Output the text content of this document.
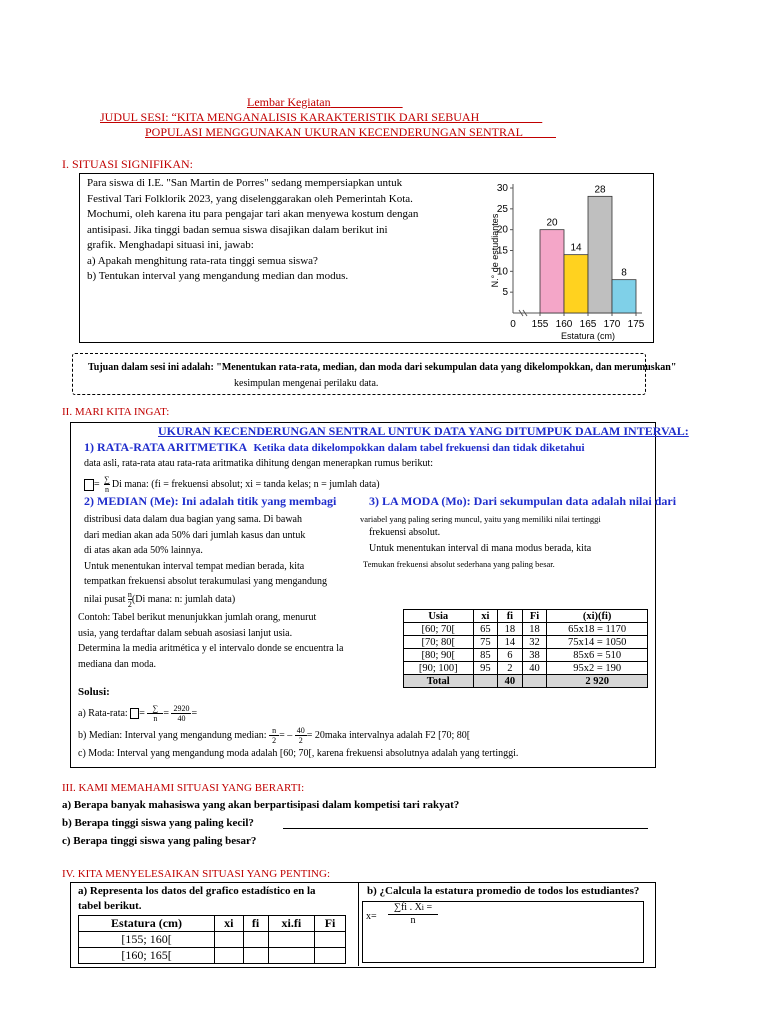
Lembar Kegiatan
JUDUL SESI: “KITA MENGANALISIS KARAKTERISTIK DARI SEBUAH
POPULASI MENGGUNAKAN UKURAN KECENDERUNGAN SENTRAL
I. SITUASI SIGNIFIKAN:
Para siswa di I.E. "San Martin de Porres" sedang mempersiapkan untuk
Festival Tari Folklorik 2023, yang diselenggarakan oleh Pemerintah Kota.
Mochumi, oleh karena itu para pengajar tari akan menyewa kostum dengan
antisipasi. Jika tinggi badan semua siswa disajikan dalam berikut ini
grafik. Menghadapi situasi ini, jawab:
a) Apakah menghitung rata-rata tinggi semua siswa?
b) Tentukan interval yang mengandung median dan modus.
5
10
15
20
25
30
20
14
28
8
0 155 160 165 170 175
Estatura (cm)
N.° de estudiantes
Tujuan dalam sesi ini adalah: "Menentukan rata-rata, median, dan moda dari sekumpulan data yang dikelompokkan, dan merumuskan"
kesimpulan mengenai perilaku data.
II. MARI KITA INGAT:
UKURAN KECENDERUNGAN SENTRAL UNTUK DATA YANG DITUMPUK DALAM INTERVAL:
1) RATA-RATA ARITMETIKA Ketika data dikelompokkan dalam tabel frekuensi dan tidak diketahui
data asli, rata-rata atau rata-rata aritmatika dihitung dengan menerapkan rumus berikut:
= ∑
n Di mana: (fi = frekuensi absolut; xi = tanda kelas; n = jumlah data)
2) MEDIAN (Me): Ini adalah titik yang membagi
distribusi data dalam dua bagian yang sama. Di bawah
dari median akan ada 50% dari jumlah kasus dan untuk
di atas akan ada 50% lainnya.
Untuk menentukan interval tempat median berada, kita
tempatkan frekuensi absolut terakumulasi yang mengandung
nilai pusat $\frac{n}{2} (Di$ mana: n: jumlah data)
3) LA MODA (Mo): Dari sekumpulan data adalah nilai dari
variabel yang paling sering muncul, yaitu yang memiliki nilai tertinggi
frekuensi absolut.
Untuk menentukan interval di mana modus berada, kita
Temukan frekuensi absolut sederhana yang paling besar.
Contoh: Tabel berikut menunjukkan jumlah orang, menurut
usia, yang terdaftar dalam sebuah asosiasi lanjut usia.
Determina la media aritmética y el intervalo donde se encuentra la
mediana dan moda.
Usia	xi	fi	Fi	(xi)(fi)
[60; 70[	65	18	18	65x18 = 1170
[70; 80[	75	14	32	75x14 = 1050
[80; 90[	85	6	38	85x6 = 510
[90; 100]	95	2	40	95x2 = 190
Total		40		2 920
Solusi:
a) Rata-rata: = ∑
$n = \frac{2920}{40}$ =
b) Median: Interval yang mengandung median: $\frac{n}{2}$ = – $\frac{40}{2}$ = 20maka intervalnya adalah F2 [70; 80[
c) Moda: Interval yang mengandung moda adalah [60; 70[, karena frekuensi absolutnya adalah yang tertinggi.
III. KAMI MEMAHAMI SITUASI YANG BERARTI:
a) Berapa banyak mahasiswa yang akan berpartisipasi dalam kompetisi tari rakyat?
b) Berapa tinggi siswa yang paling kecil?
c) Berapa tinggi siswa yang paling besar?
IV. KITA MENYELESAIKAN SITUASI YANG PENTING:
a) Representa los datos del grafico estadístico en la
tabel berikut.
b) ¿Calcula la estatura promedio de todos los estudiantes?
x=
∑fi . Xi =
n
Estatura (cm)	xi	fi	xi.fi	Fi
[155; 160[				
[160; 165[				
